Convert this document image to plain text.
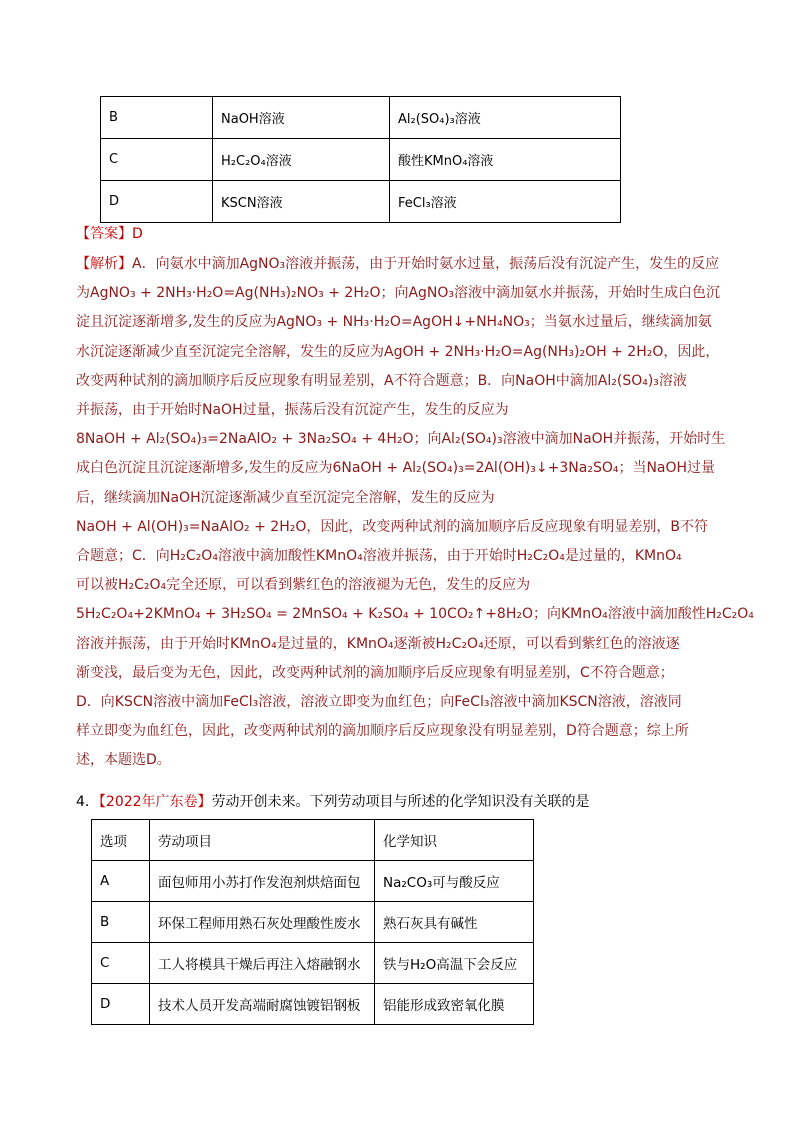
B	NaOH溶液	Al₂(SO₄)₃溶液
C	H₂C₂O₄溶液	酸性KMnO₄溶液
D	KSCN溶液	FeCl₃溶液
【答案】D
【解析】A．向氨水中滴加AgNO₃溶液并振荡，由于开始时氨水过量，振荡后没有沉淀产生，发生的反应
为AgNO₃ + 2NH₃·H₂O=Ag(NH₃)₂NO₃ + 2H₂O；向AgNO₃溶液中滴加氨水并振荡，开始时生成白色沉
淀且沉淀逐渐增多,发生的反应为AgNO₃ + NH₃·H₂O=AgOH↓+NH₄NO₃；当氨水过量后，继续滴加氨
水沉淀逐渐减少直至沉淀完全溶解，发生的反应为AgOH + 2NH₃·H₂O=Ag(NH₃)₂OH + 2H₂O，因此，
改变两种试剂的滴加顺序后反应现象有明显差别，A不符合题意；B．向NaOH中滴加Al₂(SO₄)₃溶液
并振荡，由于开始时NaOH过量，振荡后没有沉淀产生，发生的反应为
8NaOH + Al₂(SO₄)₃=2NaAlO₂ + 3Na₂SO₄ + 4H₂O；向Al₂(SO₄)₃溶液中滴加NaOH并振荡，开始时生
成白色沉淀且沉淀逐渐增多,发生的反应为6NaOH + Al₂(SO₄)₃=2Al(OH)₃↓+3Na₂SO₄；当NaOH过量
后，继续滴加NaOH沉淀逐渐减少直至沉淀完全溶解，发生的反应为
NaOH + Al(OH)₃=NaAlO₂ + 2H₂O，因此，改变两种试剂的滴加顺序后反应现象有明显差别，B不符
合题意；C．向H₂C₂O₄溶液中滴加酸性KMnO₄溶液并振荡，由于开始时H₂C₂O₄是过量的，KMnO₄
可以被H₂C₂O₄完全还原，可以看到紫红色的溶液褪为无色，发生的反应为
5H₂C₂O₄+2KMnO₄ + 3H₂SO₄ = 2MnSO₄ + K₂SO₄ + 10CO₂↑+8H₂O；向KMnO₄溶液中滴加酸性H₂C₂O₄
溶液并振荡，由于开始时KMnO₄是过量的，KMnO₄逐渐被H₂C₂O₄还原，可以看到紫红色的溶液逐
渐变浅，最后变为无色，因此，改变两种试剂的滴加顺序后反应现象有明显差别，C不符合题意；
D．向KSCN溶液中滴加FeCl₃溶液，溶液立即变为血红色；向FeCl₃溶液中滴加KSCN溶液，溶液同
样立即变为血红色，因此，改变两种试剂的滴加顺序后反应现象没有明显差别，D符合题意；综上所
述，本题选D。
4．【2022年广东卷】劳动开创未来。下列劳动项目与所述的化学知识没有关联的是
选项	劳动项目	化学知识
A	面包师用小苏打作发泡剂烘焙面包	Na₂CO₃可与酸反应
B	环保工程师用熟石灰处理酸性废水	熟石灰具有碱性
C	工人将模具干燥后再注入熔融钢水	铁与H₂O高温下会反应
D	技术人员开发高端耐腐蚀镀铝钢板	铝能形成致密氧化膜
